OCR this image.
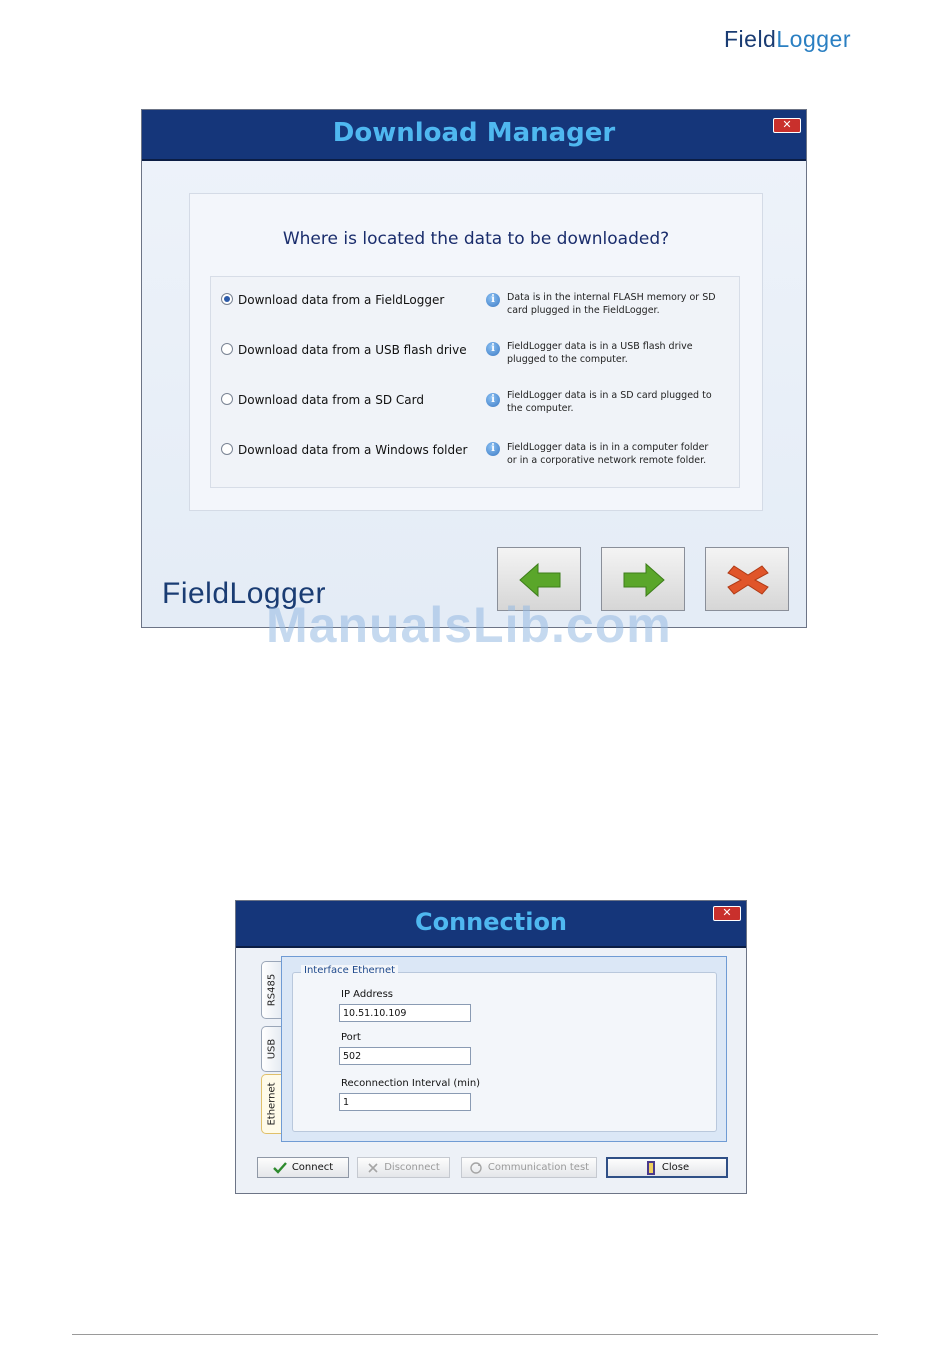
FieldLogger
Download Manager	✕
Where is located the data to be downloaded?
Download data from a FieldLogger	i	Data is in the internal FLASH memory or SD
card plugged in the FieldLogger.
Download data from a USB flash drive	i	FieldLogger data is in a USB flash drive
plugged to the computer.
Download data from a SD Card	i	FieldLogger data is in a SD card plugged to
the computer.
Download data from a Windows folder	i	FieldLogger data is in in a computer folder
or in a corporative network remote folder.
FieldLogger
ManualsLib.com
Connection	✕
RS485
USB
Ethernet
Interface Ethernet
IP Address
10.51.10.109
Port
502
Reconnection Interval (min)
1
Connect	Disconnect	Communication test	Close
